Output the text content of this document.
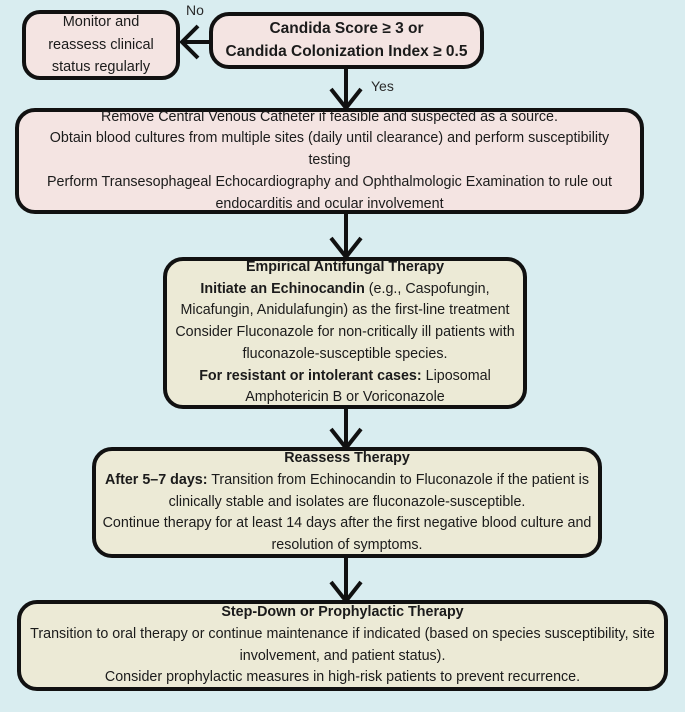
No
Yes

Monitor and

reassess clinical

status regularly

Candida Score ≥ 3 or

Candida Colonization Index ≥ 0.5

Remove Central Venous Catheter if feasible and suspected as a source.

Obtain blood cultures from multiple sites (daily until clearance) and perform susceptibility testing

Perform Transesophageal Echocardiography and Ophthalmologic Examination to rule out endocarditis and ocular involvement

Empirical Antifungal Therapy

Initiate an Echinocandin (e.g., Caspofungin, Micafungin, Anidulafungin) as the first-line treatment

Consider Fluconazole for non-critically ill patients with fluconazole-susceptible species.

For resistant or intolerant cases: Liposomal Amphotericin B or Voriconazole

Reassess Therapy

After 5–7 days: Transition from Echinocandin to Fluconazole if the patient is clinically stable and isolates are fluconazole-susceptible.

Continue therapy for at least 14 days after the first negative blood culture and resolution of symptoms.

Step-Down or Prophylactic Therapy

Transition to oral therapy or continue maintenance if indicated (based on species susceptibility, site involvement, and patient status).

Consider prophylactic measures in high-risk patients to prevent recurrence.
